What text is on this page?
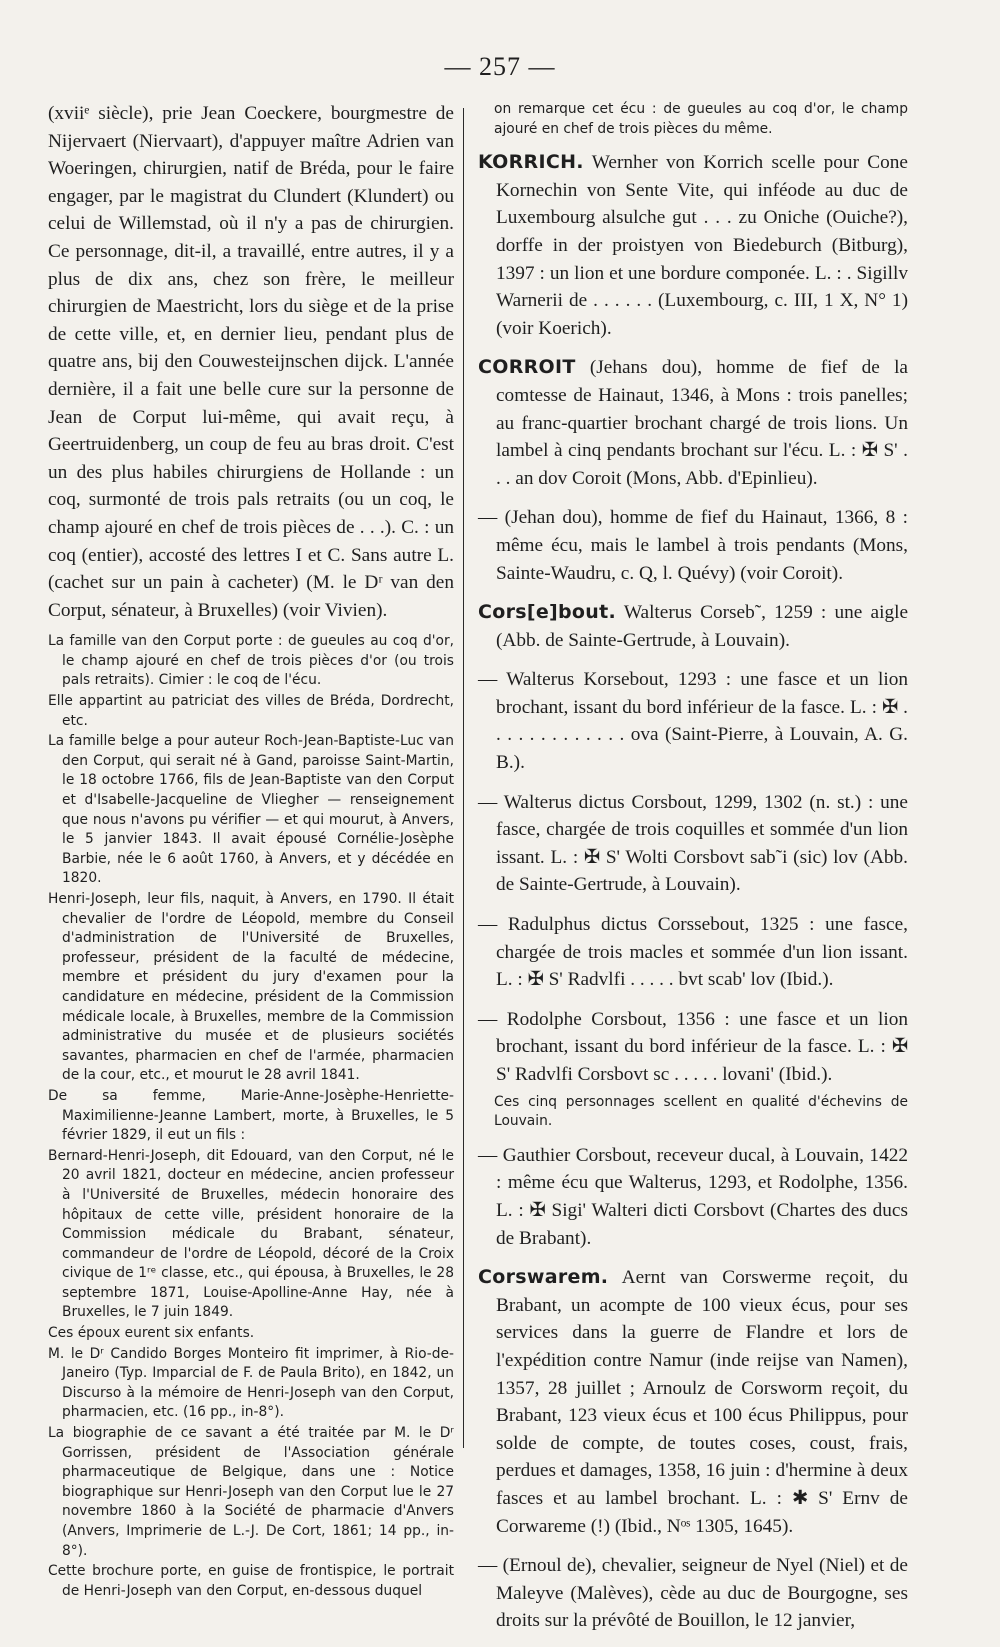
— 257 —

(xviiᵉ siècle), prie Jean Coeckere, bourgmestre de Nijervaert (Niervaart), d'appuyer maître Adrien van Woeringen, chirurgien, natif de Bréda, pour le faire engager, par le magistrat du Clundert (Klundert) ou celui de Willemstad, où il n'y a pas de chirurgien. Ce personnage, dit-il, a travaillé, entre autres, il y a plus de dix ans, chez son frère, le meilleur chirurgien de Maestricht, lors du siège et de la prise de cette ville, et, en dernier lieu, pendant plus de quatre ans, bij den Couwesteijnschen dijck. L'année dernière, il a fait une belle cure sur la personne de Jean de Corput lui-même, qui avait reçu, à Geertruidenberg, un coup de feu au bras droit. C'est un des plus habiles chirurgiens de Hollande : un coq, surmonté de trois pals retraits (ou un coq, le champ ajouré en chef de trois pièces de . . .). C. : un coq (entier), accosté des lettres I et C. Sans autre L. (cachet sur un pain à cacheter) (M. le Dʳ van den Corput, sénateur, à Bruxelles) (voir Vivien).

La famille van den Corput porte : de gueules au coq d'or, le champ ajouré en chef de trois pièces d'or (ou trois pals retraits). Cimier : le coq de l'écu.

Elle appartint au patriciat des villes de Bréda, Dordrecht, etc.

La famille belge a pour auteur Roch-Jean-Baptiste-Luc van den Corput, qui serait né à Gand, paroisse Saint-Martin, le 18 octobre 1766, fils de Jean-Baptiste van den Corput et d'Isabelle-Jacqueline de Vliegher — renseignement que nous n'avons pu vérifier — et qui mourut, à Anvers, le 5 janvier 1843. Il avait épousé Cornélie-Josèphe Barbie, née le 6 août 1760, à Anvers, et y décédée en 1820.

Henri-Joseph, leur fils, naquit, à Anvers, en 1790. Il était chevalier de l'ordre de Léopold, membre du Conseil d'administration de l'Université de Bruxelles, professeur, président de la faculté de médecine, membre et président du jury d'examen pour la candidature en médecine, président de la Commission médicale locale, à Bruxelles, membre de la Commission administrative du musée et de plusieurs sociétés savantes, pharmacien en chef de l'armée, pharmacien de la cour, etc., et mourut le 28 avril 1841.

De sa femme, Marie-Anne-Josèphe-Henriette-Maximilienne-Jeanne Lambert, morte, à Bruxelles, le 5 février 1829, il eut un fils :

Bernard-Henri-Joseph, dit Edouard, van den Corput, né le 20 avril 1821, docteur en médecine, ancien professeur à l'Université de Bruxelles, médecin honoraire des hôpitaux de cette ville, président honoraire de la Commission médicale du Brabant, sénateur, commandeur de l'ordre de Léopold, décoré de la Croix civique de 1ʳᵉ classe, etc., qui épousa, à Bruxelles, le 28 septembre 1871, Louise-Apolline-Anne Hay, née à Bruxelles, le 7 juin 1849.

Ces époux eurent six enfants.

M. le Dʳ Candido Borges Monteiro fit imprimer, à Rio-de-Janeiro (Typ. Imparcial de F. de Paula Brito), en 1842, un Discurso à la mémoire de Henri-Joseph van den Corput, pharmacien, etc. (16 pp., in-8°).

La biographie de ce savant a été traitée par M. le Dʳ Gorrissen, président de l'Association générale pharmaceutique de Belgique, dans une : Notice biographique sur Henri-Joseph van den Corput lue le 27 novembre 1860 à la Société de pharmacie d'Anvers (Anvers, Imprimerie de L.-J. De Cort, 1861; 14 pp., in-8°).

Cette brochure porte, en guise de frontispice, le portrait de Henri-Joseph van den Corput, en-dessous duquel

on remarque cet écu : de gueules au coq d'or, le champ ajouré en chef de trois pièces du même.

KORRICH. Wernher von Korrich scelle pour Cone Kornechin von Sente Vite, qui inféode au duc de Luxembourg alsulche gut . . . zu Oniche (Ouiche?), dorffe in der proistyen von Biedeburch (Bitburg), 1397 : un lion et une bordure componée. L. : . Sigillv Warnerii de . . . . . . (Luxembourg, c. III, 1 X, N° 1) (voir Koerich).

CORROIT (Jehans dou), homme de fief de la comtesse de Hainaut, 1346, à Mons : trois panelles; au franc-quartier brochant chargé de trois lions. Un lambel à cinq pendants brochant sur l'écu. L. : ✠ S' . . . an dov Coroit (Mons, Abb. d'Epinlieu).

— (Jehan dou), homme de fief du Hainaut, 1366, 8 : même écu, mais le lambel à trois pendants (Mons, Sainte-Waudru, c. Q, l. Quévy) (voir Coroit).

Cors[e]bout. Walterus Corseb˜, 1259 : une aigle (Abb. de Sainte-Gertrude, à Louvain).

— Walterus Korsebout, 1293 : une fasce et un lion brochant, issant du bord inférieur de la fasce. L. : ✠ . . . . . . . . . . . . . ova (Saint-Pierre, à Louvain, A. G. B.).

— Walterus dictus Corsbout, 1299, 1302 (n. st.) : une fasce, chargée de trois coquilles et sommée d'un lion issant. L. : ✠ S' Wolti Corsbovt sab˜i (sic) lov (Abb. de Sainte-Gertrude, à Louvain).

— Radulphus dictus Corssebout, 1325 : une fasce, chargée de trois macles et sommée d'un lion issant. L. : ✠ S' Radvlfi . . . . . bvt scab' lov (Ibid.).

— Rodolphe Corsbout, 1356 : une fasce et un lion brochant, issant du bord inférieur de la fasce. L. : ✠ S' Radvlfi Corsbovt sc . . . . . lovani' (Ibid.).

Ces cinq personnages scellent en qualité d'échevins de Louvain.

— Gauthier Corsbout, receveur ducal, à Louvain, 1422 : même écu que Walterus, 1293, et Rodolphe, 1356. L. : ✠ Sigi' Walteri dicti Corsbovt (Chartes des ducs de Brabant).

Corswarem. Aernt van Corswerme reçoit, du Brabant, un acompte de 100 vieux écus, pour ses services dans la guerre de Flandre et lors de l'expédition contre Namur (inde reijse van Namen), 1357, 28 juillet ; Arnoulz de Corsworm reçoit, du Brabant, 123 vieux écus et 100 écus Philippus, pour solde de compte, de toutes coses, coust, frais, perdues et damages, 1358, 16 juin : d'hermine à deux fasces et au lambel brochant. L. : ✱ S' Ernv de Corwareme (!) (Ibid., Nᵒˢ 1305, 1645).

— (Ernoul de), chevalier, seigneur de Nyel (Niel) et de Maleyve (Malèves), cède au duc de Bourgogne, ses droits sur la prévôté de Bouillon, le 12 janvier,
